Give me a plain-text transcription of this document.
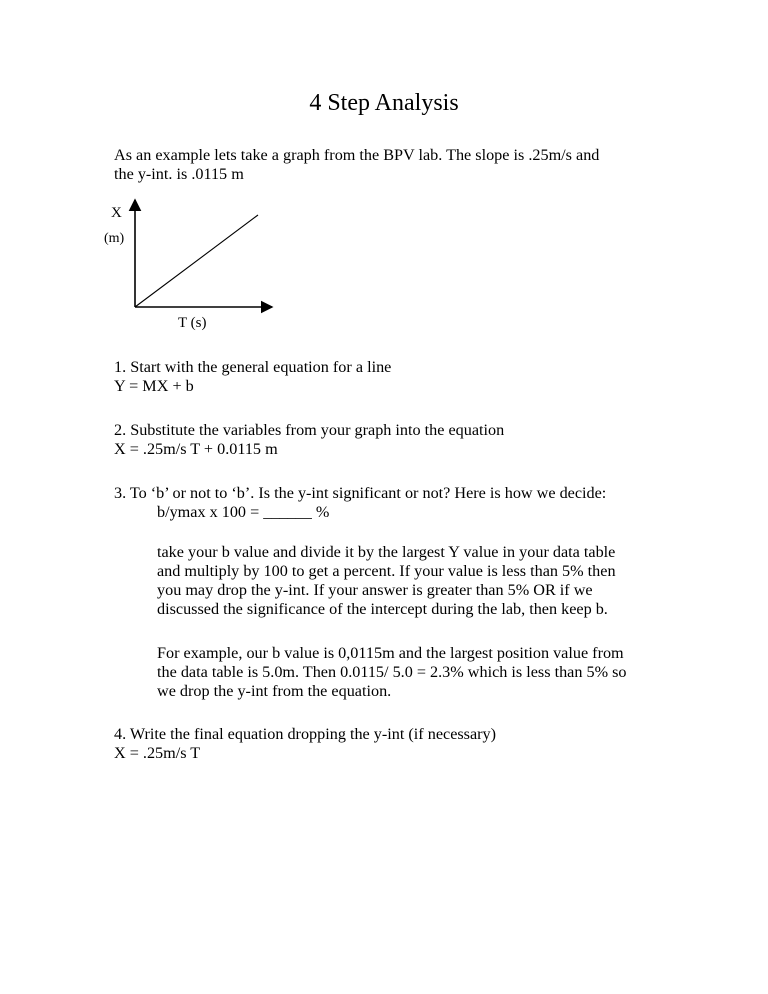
4 Step Analysis
As an example lets take a graph from the BPV lab. The slope is .25m/s and
the y-int. is .0115 m
X
(m)
T (s)
1. Start with the general equation for a line
Y = MX + b
2. Substitute the variables from your graph into the equation
X = .25m/s T + 0.0115 m
3. To ‘b’ or not to ‘b’. Is the y-int significant or not? Here is how we decide:
b/ymax x 100 = ______ %
take your b value and divide it by the largest Y value in your data table
and multiply by 100 to get a percent. If your value is less than 5% then
you may drop the y-int. If your answer is greater than 5% OR if we
discussed the significance of the intercept during the lab, then keep b.
For example, our b value is 0,0115m and the largest position value from
the data table is 5.0m. Then 0.0115/ 5.0 = 2.3% which is less than 5% so
we drop the y-int from the equation.
4. Write the final equation dropping the y-int (if necessary)
X = .25m/s T
